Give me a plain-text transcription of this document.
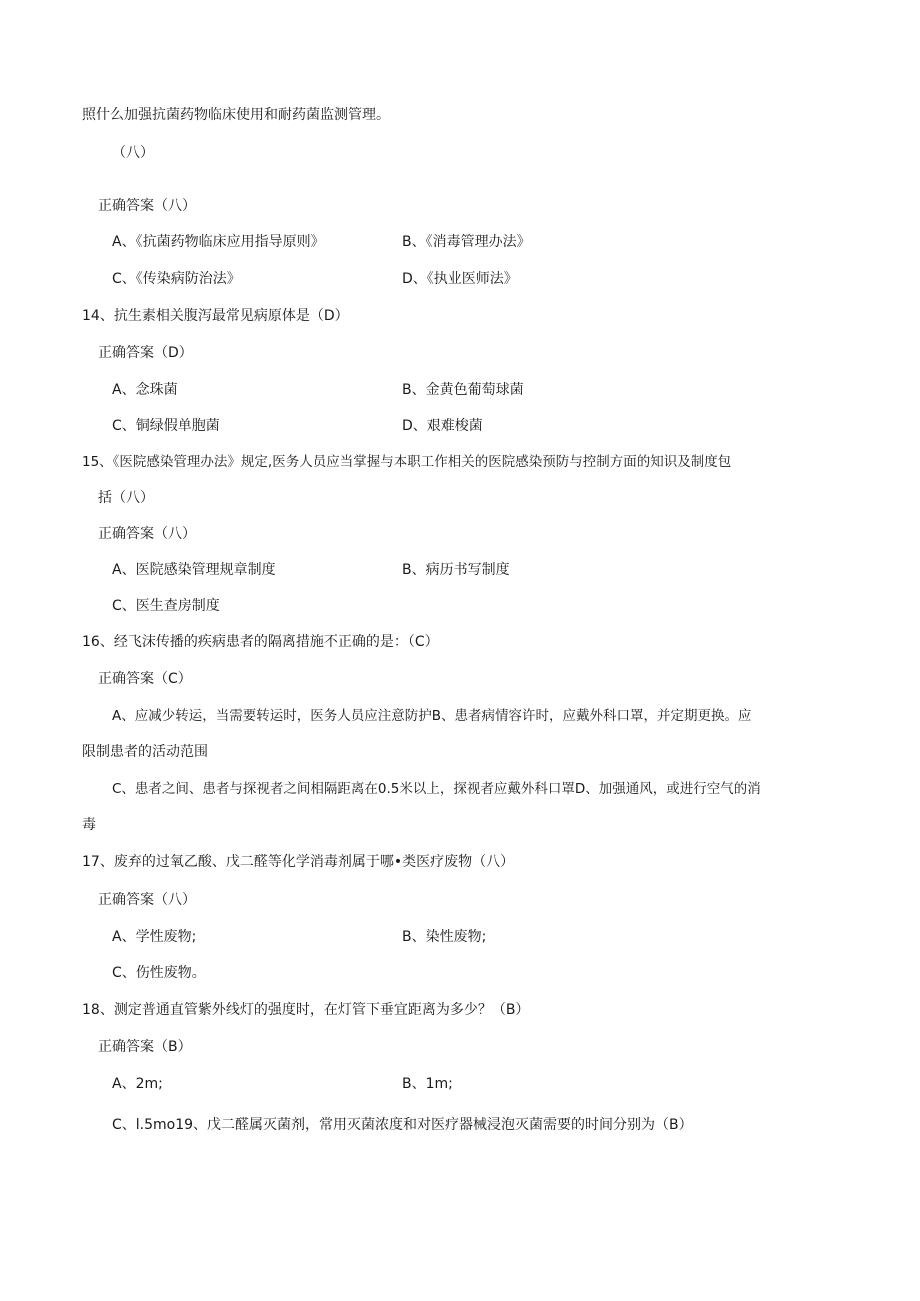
照什么加强抗菌药物临床使用和耐药菌监测管理。
（八）
正确答案（八）
A、《抗菌药物临床应用指导原则》	B、《消毒管理办法》
C、《传染病防治法》	D、《执业医师法》
14、抗生素相关腹泻最常见病原体是（D）
正确答案（D）
A、念珠菌	B、金黄色葡萄球菌
C、铜绿假单胞菌	D、艰难梭菌
15、《医院感染管理办法》规定,医务人员应当掌握与本职工作相关的医院感染预防与控制方面的知识及制度包
括（八）
正确答案（八）
A、医院感染管理规章制度	B、病历书写制度
C、医生查房制度
16、经飞沫传播的疾病患者的隔离措施不正确的是：（C）
正确答案（C）
A、应减少转运，当需要转运时，医务人员应注意防护B、患者病情容许时，应戴外科口罩，并定期更换。应
限制患者的活动范围
C、患者之间、患者与探视者之间相隔距离在0.5米以上，探视者应戴外科口罩D、加强通风，或进行空气的消
毒
17、废弃的过氧乙酸、戊二醛等化学消毒剂属于哪•类医疗废物（八）
正确答案（八）
A、学性废物;	B、染性废物;
C、伤性废物。
18、测定普通直管紫外线灯的强度时，在灯管下垂宜距离为多少？（B）
正确答案（B）
A、2m;	B、1m;
C、l.5mo19、戊二醛属灭菌剂，常用灭菌浓度和对医疗器械浸泡灭菌需要的时间分别为（B）
